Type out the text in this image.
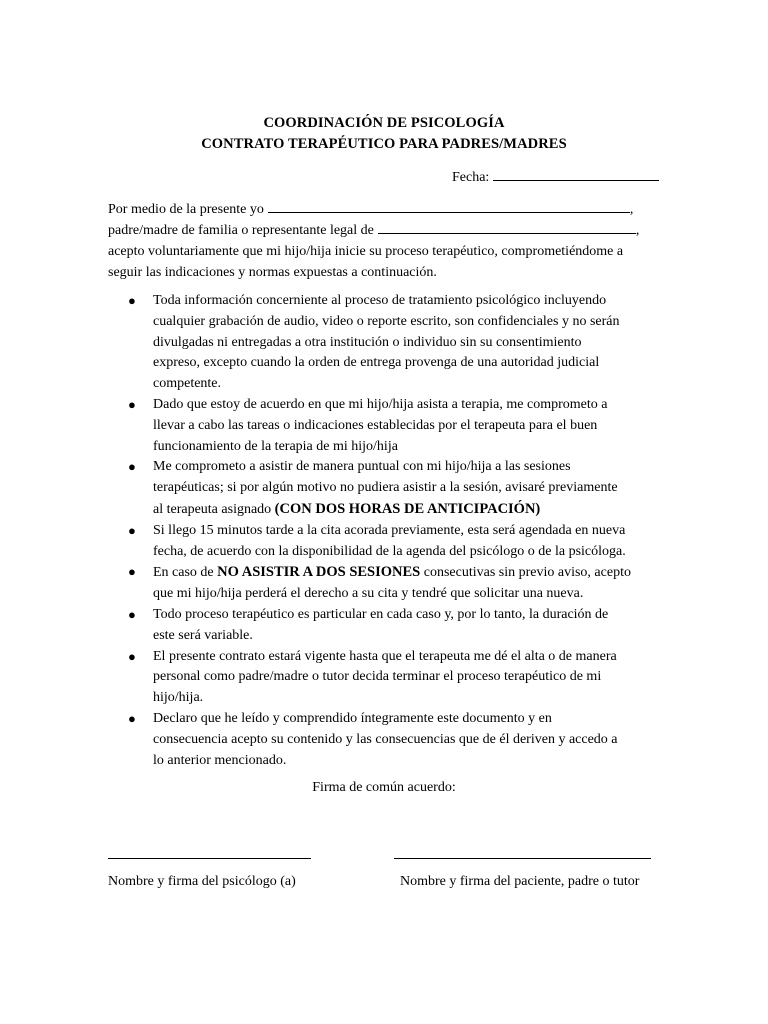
COORDINACIÓN DE PSICOLOGÍA
CONTRATO TERAPÉUTICO PARA PADRES/MADRES
Fecha:
Por medio de la presente yo	,
padre/madre de familia o representante legal de	,
acepto voluntariamente que mi hijo/hija inicie su proceso terapéutico, comprometiéndome a
seguir las indicaciones y normas expuestas a continuación.
● Toda información concerniente al proceso de tratamiento psicológico incluyendo
cualquier grabación de audio, video o reporte escrito, son confidenciales y no serán
divulgadas ni entregadas a otra institución o individuo sin su consentimiento
expreso, excepto cuando la orden de entrega provenga de una autoridad judicial
competente.
● Dado que estoy de acuerdo en que mi hijo/hija asista a terapia, me comprometo a
llevar a cabo las tareas o indicaciones establecidas por el terapeuta para el buen
funcionamiento de la terapia de mi hijo/hija
● Me comprometo a asistir de manera puntual con mi hijo/hija a las sesiones
terapéuticas; si por algún motivo no pudiera asistir a la sesión, avisaré previamente
al terapeuta asignado (CON DOS HORAS DE ANTICIPACIÓN)
● Si llego 15 minutos tarde a la cita acorada previamente, esta será agendada en nueva
fecha, de acuerdo con la disponibilidad de la agenda del psicólogo o de la psicóloga.
● En caso de NO ASISTIR A DOS SESIONES consecutivas sin previo aviso, acepto
que mi hijo/hija perderá el derecho a su cita y tendré que solicitar una nueva.
● Todo proceso terapéutico es particular en cada caso y, por lo tanto, la duración de
este será variable.
● El presente contrato estará vigente hasta que el terapeuta me dé el alta o de manera
personal como padre/madre o tutor decida terminar el proceso terapéutico de mi
hijo/hija.
● Declaro que he leído y comprendido íntegramente este documento y en
consecuencia acepto su contenido y las consecuencias que de él deriven y accedo a
lo anterior mencionado.
Firma de común acuerdo:
Nombre y firma del psicólogo (a)	Nombre y firma del paciente, padre o tutor
